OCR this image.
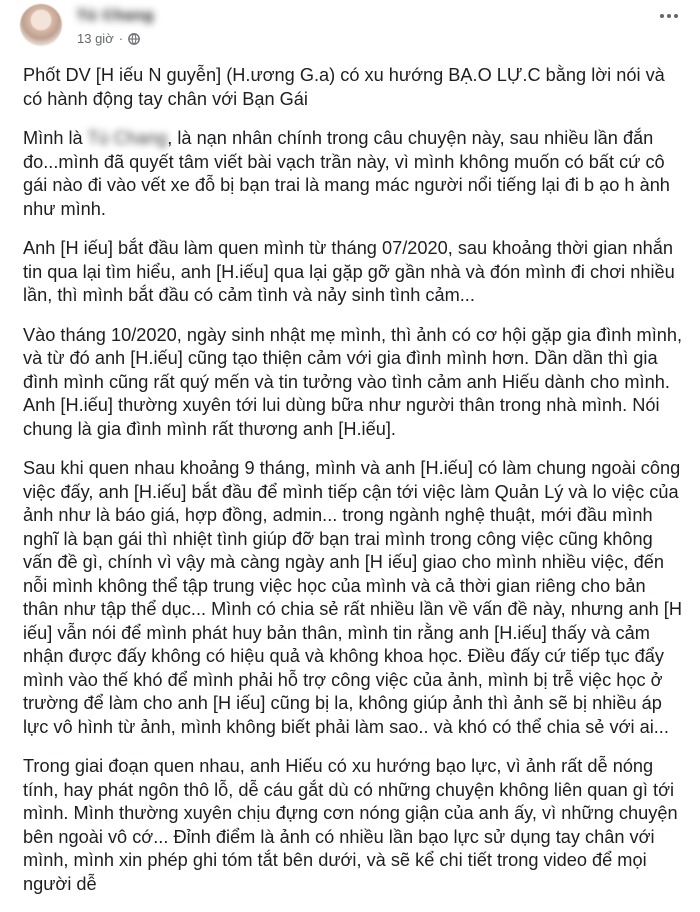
Tú Chang
13 giờ ·

Phốt DV [H iếu N guyễn] (H.ương G.a) có xu hướng BẠ.O LỰ.C bằng lời nói và có hành động tay chân với Bạn Gái

Mình là Tú Chang, là nạn nhân chính trong câu chuyện này, sau nhiều lần đắn đo...mình đã quyết tâm viết bài vạch trần này, vì mình không muốn có bất cứ cô gái nào đi vào vết xe đỗ bị bạn trai là mang mác người nổi tiếng lại đi b ạo h ành như mình.

Anh [H iếu] bắt đầu làm quen mình từ tháng 07/2020, sau khoảng thời gian nhắn tin qua lại tìm hiểu, anh [H.iếu] qua lại gặp gỡ gần nhà và đón mình đi chơi nhiều lần, thì mình bắt đầu có cảm tình và nảy sinh tình cảm...

Vào tháng 10/2020, ngày sinh nhật mẹ mình, thì ảnh có cơ hội gặp gia đình mình, và từ đó anh [H.iếu] cũng tạo thiện cảm với gia đình mình hơn. Dần dần thì gia đình mình cũng rất quý mến và tin tưởng vào tình cảm anh Hiếu dành cho mình. Anh [H.iếu] thường xuyên tới lui dùng bữa như người thân trong nhà mình. Nói chung là gia đình mình rất thương anh [H.iếu].

Sau khi quen nhau khoảng 9 tháng, mình và anh [H.iếu] có làm chung ngoài công việc đấy, anh [H.iếu] bắt đầu để mình tiếp cận tới việc làm Quản Lý và lo việc của ảnh như là báo giá, hợp đồng, admin... trong ngành nghệ thuật, mới đầu mình nghĩ là bạn gái thì nhiệt tình giúp đỡ bạn trai mình trong công việc cũng không vấn đề gì, chính vì vậy mà càng ngày anh [H iếu] giao cho mình nhiều việc, đến nỗi mình không thể tập trung việc học của mình và cả thời gian riêng cho bản thân như tập thể dục... Mình có chia sẻ rất nhiều lần về vấn đề này, nhưng anh [H iếu] vẫn nói để mình phát huy bản thân, mình tin rằng anh [H.iếu] thấy và cảm nhận được đấy không có hiệu quả và không khoa học. Điều đấy cứ tiếp tục đẩy mình vào thế khó để mình phải hỗ trợ công việc của ảnh, mình bị trễ việc học ở trường để làm cho anh [H iếu] cũng bị la, không giúp ảnh thì ảnh sẽ bị nhiều áp lực vô hình từ ảnh, mình không biết phải làm sao.. và khó có thể chia sẻ với ai...

Trong giai đoạn quen nhau, anh Hiếu có xu hướng bạo lực, vì ảnh rất dễ nóng tính, hay phát ngôn thô lỗ, dễ cáu gắt dù có những chuyện không liên quan gì tới mình. Mình thường xuyên chịu đựng cơn nóng giận của anh ấy, vì những chuyện bên ngoài vô cớ... Đỉnh điểm là ảnh có nhiều lần bạo lực sử dụng tay chân với mình, mình xin phép ghi tóm tắt bên dưới, và sẽ kể chi tiết trong video để mọi người dễ
